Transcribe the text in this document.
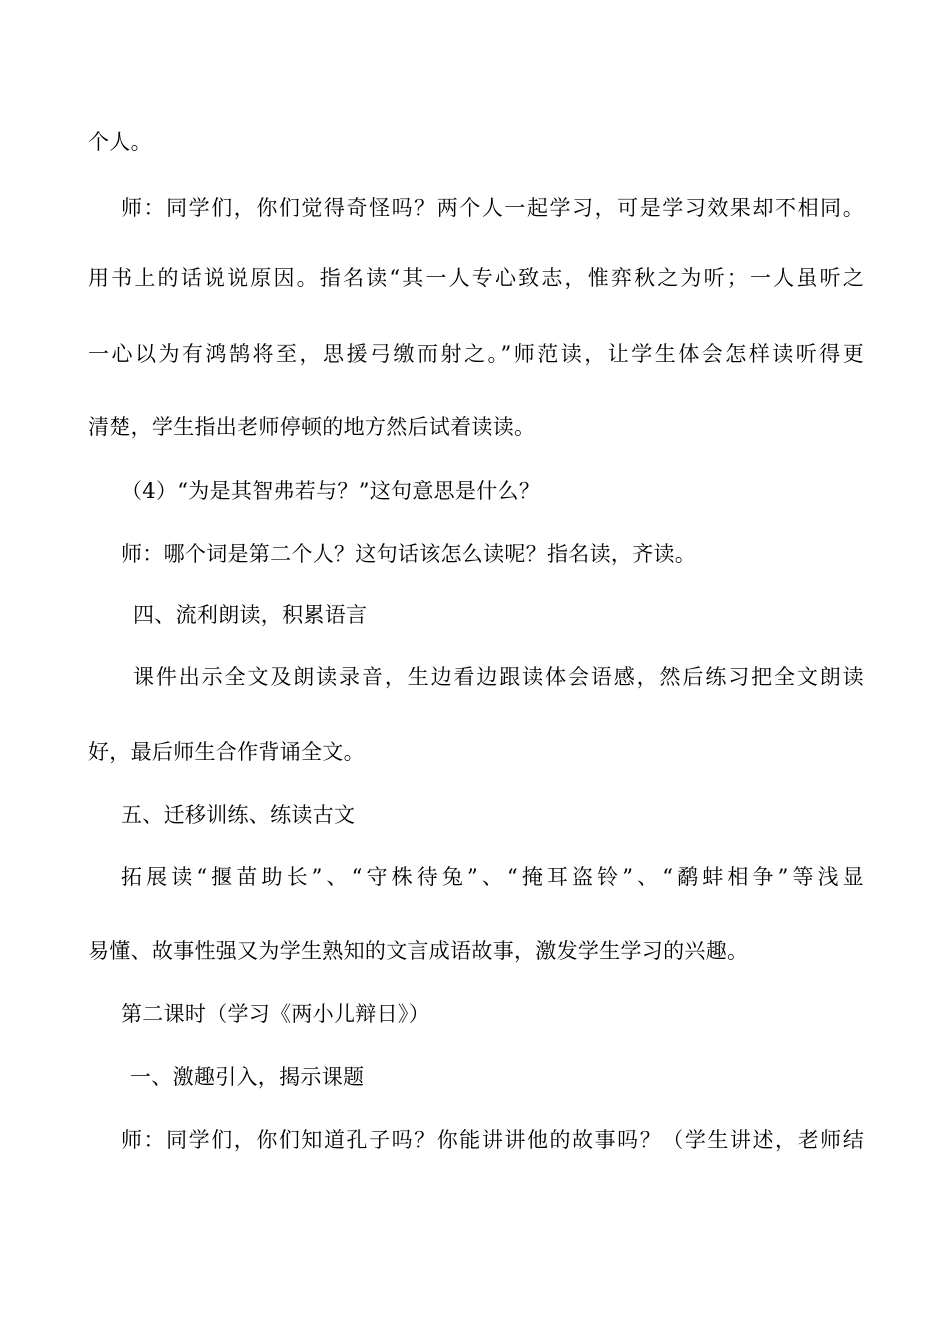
个人。
师：同学们，你们觉得奇怪吗？两个人一起学习，可是学习效果却不相同。
用书上的话说说原因。指名读“其一人专心致志，惟弈秋之为听；一人虽听之
一心以为有鸿鹄将至，思援弓缴而射之。”师范读，让学生体会怎样读听得更
清楚，学生指出老师停顿的地方然后试着读读。
（4）“为是其智弗若与？”这句意思是什么？
师：哪个词是第二个人？这句话该怎么读呢？指名读，齐读。
四、流利朗读，积累语言
课件出示全文及朗读录音，生边看边跟读体会语感，然后练习把全文朗读
好，最后师生合作背诵全文。
五、迁移训练、练读古文
拓展读“揠苗助长”、“守株待兔”、“掩耳盗铃”、“鹬蚌相争”等浅显
易懂、故事性强又为学生熟知的文言成语故事，激发学生学习的兴趣。
第二课时（学习《两小儿辩日》）
一、激趣引入，揭示课题
师：同学们，你们知道孔子吗？你能讲讲他的故事吗？（学生讲述，老师结
